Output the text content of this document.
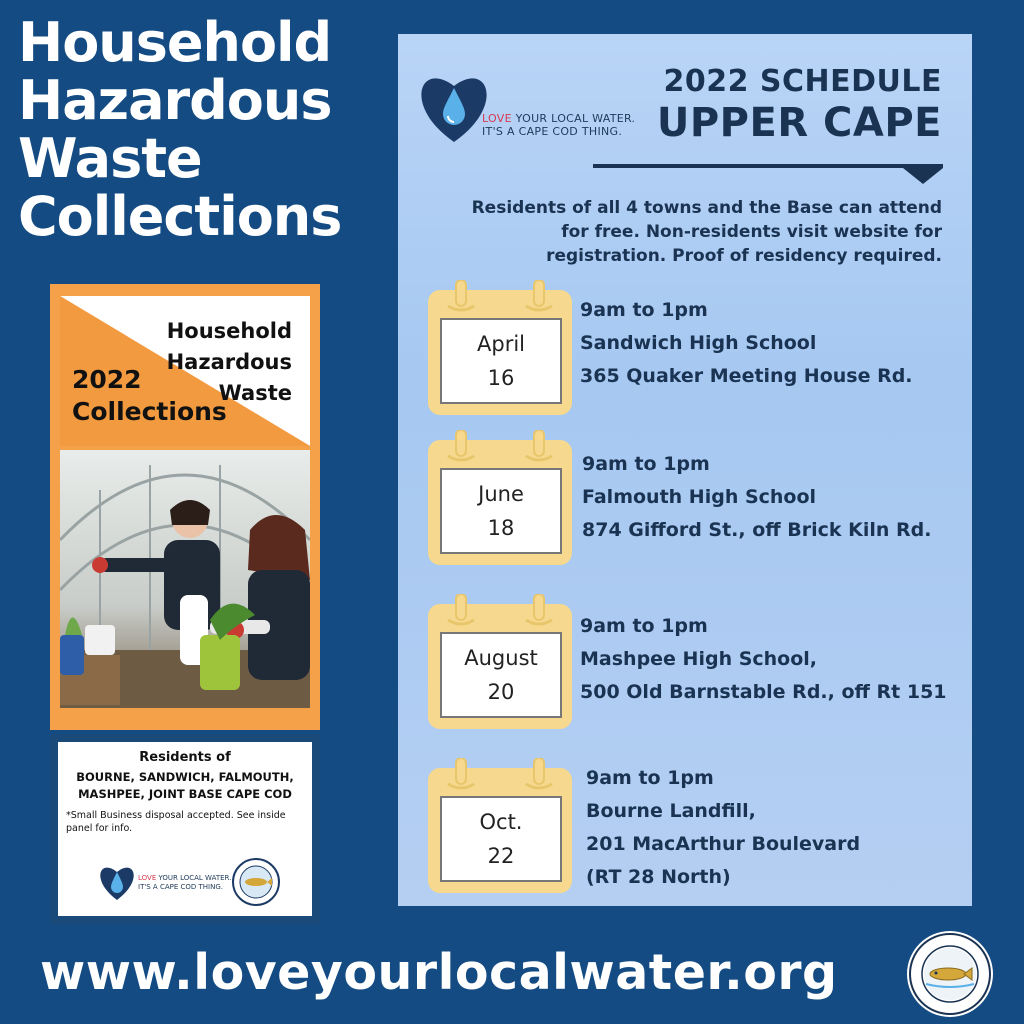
Household
Hazardous
Waste
Collections
Household
Hazardous
Waste
2022
Collections
Residents of
BOURNE, SANDWICH, FALMOUTH,
MASHPEE, JOINT BASE CAPE COD
*Small Business disposal accepted. See inside panel for info.
LOVE YOUR LOCAL WATER.
IT'S A CAPE COD THING.
LOVE YOUR LOCAL WATER.
IT'S A CAPE COD THING.
2022 SCHEDULE
UPPER CAPE
Residents of all 4 towns and the Base can attend
for free. Non-residents visit website for
registration. Proof of residency required.
April
16
9am to 1pm
Sandwich High School
365 Quaker Meeting House Rd.
June
18
9am to 1pm
Falmouth High School
874 Gifford St., off Brick Kiln Rd.
August
20
9am to 1pm
Mashpee High School,
500 Old Barnstable Rd., off Rt 151
Oct.
22
9am to 1pm
Bourne Landfill,
201 MacArthur Boulevard
(RT 28 North)
www.loveyourlocalwater.org
